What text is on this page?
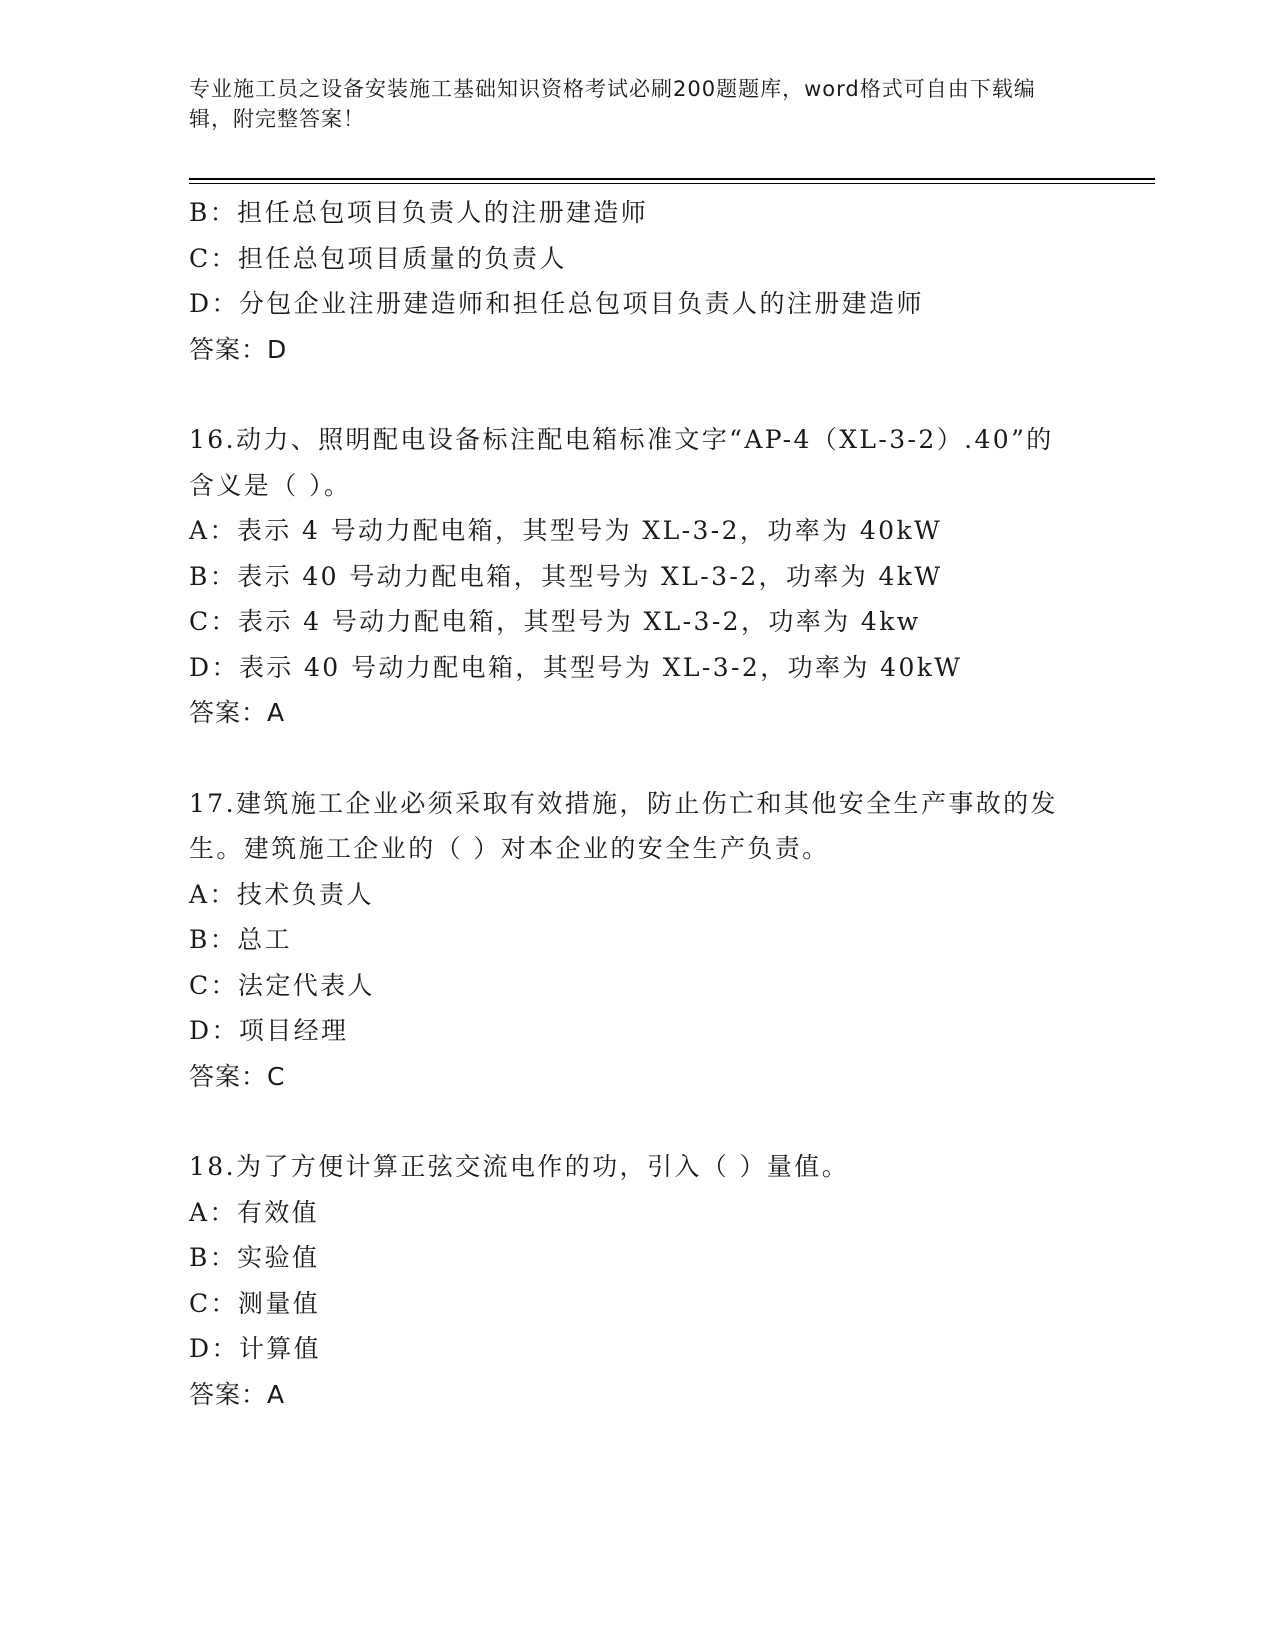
专业施工员之设备安装施工基础知识资格考试必刷200题题库，word格式可自由下载编辑，附完整答案！
B：担任总包项目负责人的注册建造师
C：担任总包项目质量的负责人
D：分包企业注册建造师和担任总包项目负责人的注册建造师
答案：D
16.动力、照明配电设备标注配电箱标准文字“AP-4（XL-3-2）.40”的含义是（ ）。
A：表示 4 号动力配电箱，其型号为 XL-3-2，功率为 40kW
B：表示 40 号动力配电箱，其型号为 XL-3-2，功率为 4kW
C：表示 4 号动力配电箱，其型号为 XL-3-2，功率为 4kw
D：表示 40 号动力配电箱，其型号为 XL-3-2，功率为 40kW
答案：A
17.建筑施工企业必须采取有效措施，防止伤亡和其他安全生产事故的发生。建筑施工企业的（ ）对本企业的安全生产负责。
A：技术负责人
B：总工
C：法定代表人
D：项目经理
答案：C
18.为了方便计算正弦交流电作的功，引入（ ）量值。
A：有效值
B：实验值
C：测量值
D：计算值
答案：A
